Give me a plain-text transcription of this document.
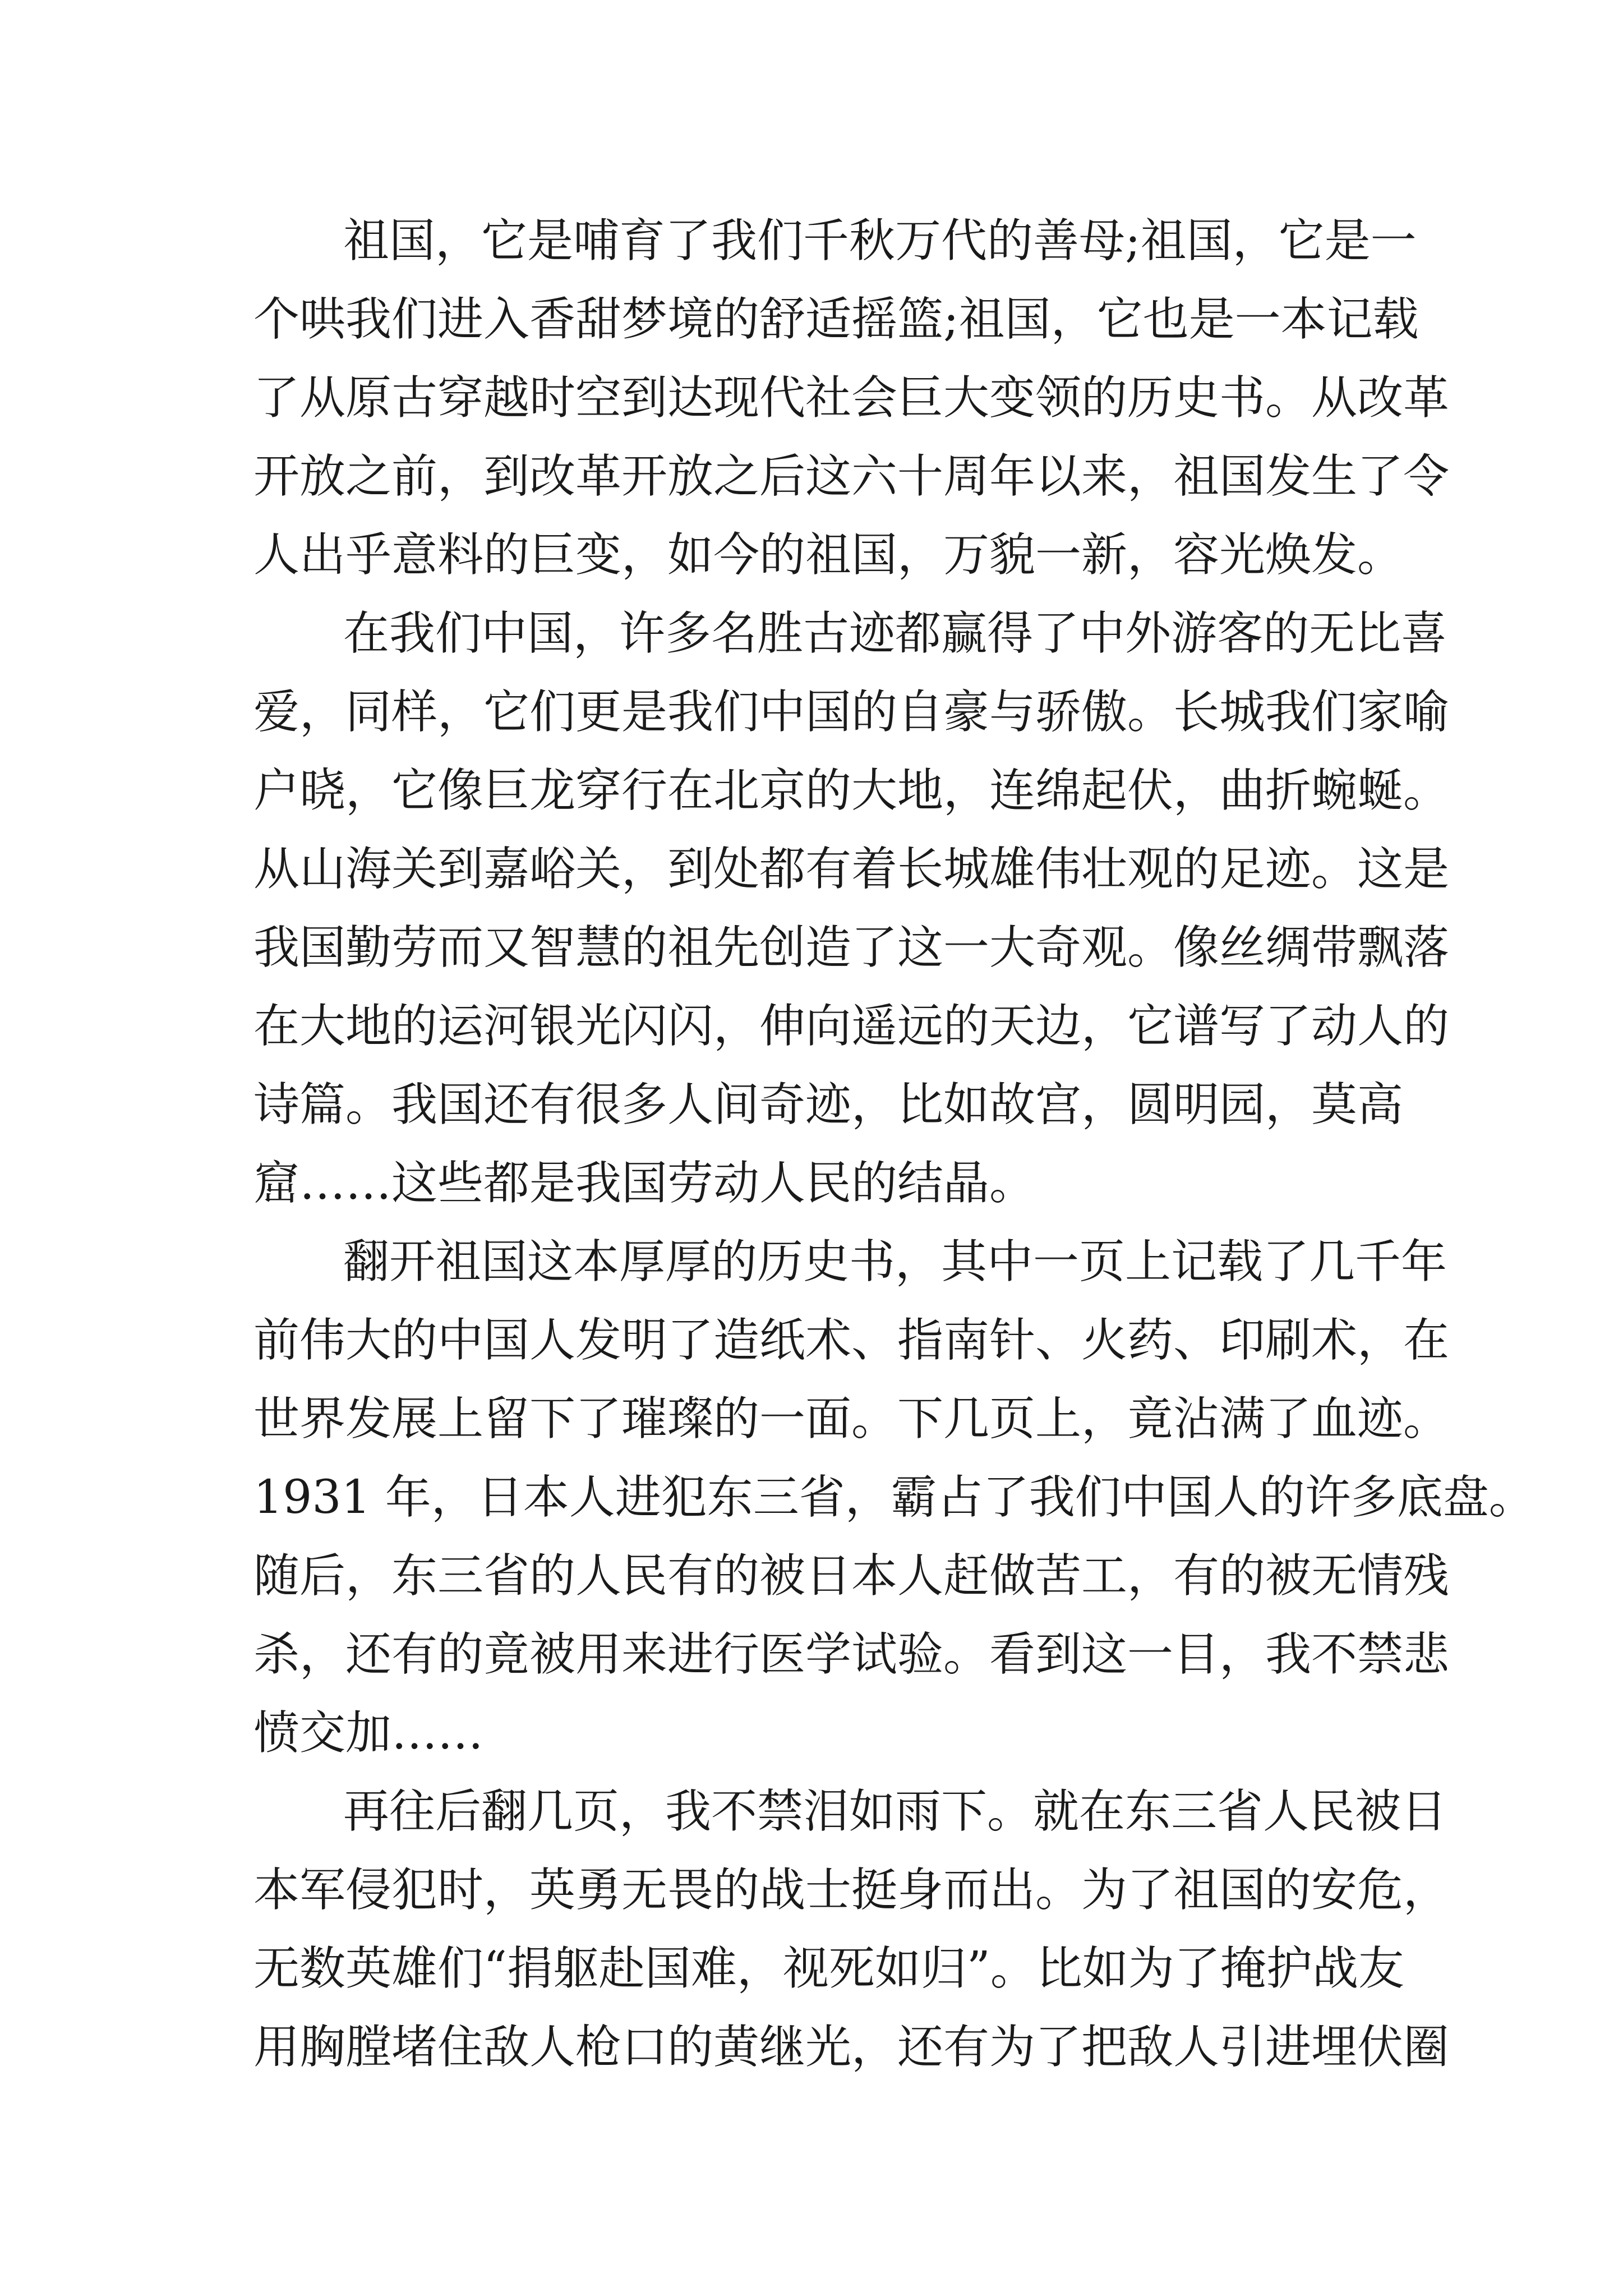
祖国，它是哺育了我们千秋万代的善母;祖国，它是一
个哄我们进入香甜梦境的舒适摇篮;祖国，它也是一本记载
了从原古穿越时空到达现代社会巨大变领的历史书。从改革
开放之前，到改革开放之后这六十周年以来，祖国发生了令
人出乎意料的巨变，如今的祖国，万貌一新，容光焕发。
在我们中国，许多名胜古迹都赢得了中外游客的无比喜
爱，同样，它们更是我们中国的自豪与骄傲。长城我们家喻
户晓，它像巨龙穿行在北京的大地，连绵起伏，曲折蜿蜒。
从山海关到嘉峪关，到处都有着长城雄伟壮观的足迹。这是
我国勤劳而又智慧的祖先创造了这一大奇观。像丝绸带飘落
在大地的运河银光闪闪，伸向遥远的天边，它谱写了动人的
诗篇。我国还有很多人间奇迹，比如故宫，圆明园，莫高
窟……这些都是我国劳动人民的结晶。
翻开祖国这本厚厚的历史书，其中一页上记载了几千年
前伟大的中国人发明了造纸术、指南针、火药、印刷术，在
世界发展上留下了璀璨的一面。下几页上，竟沾满了血迹。
1931 年，日本人进犯东三省，霸占了我们中国人的许多底盘。
随后，东三省的人民有的被日本人赶做苦工，有的被无情残
杀，还有的竟被用来进行医学试验。看到这一目，我不禁悲
愤交加……
再往后翻几页，我不禁泪如雨下。就在东三省人民被日
本军侵犯时，英勇无畏的战士挺身而出。为了祖国的安危，
无数英雄们“捐躯赴国难，视死如归”。比如为了掩护战友
用胸膛堵住敌人枪口的黄继光，还有为了把敌人引进埋伏圈
